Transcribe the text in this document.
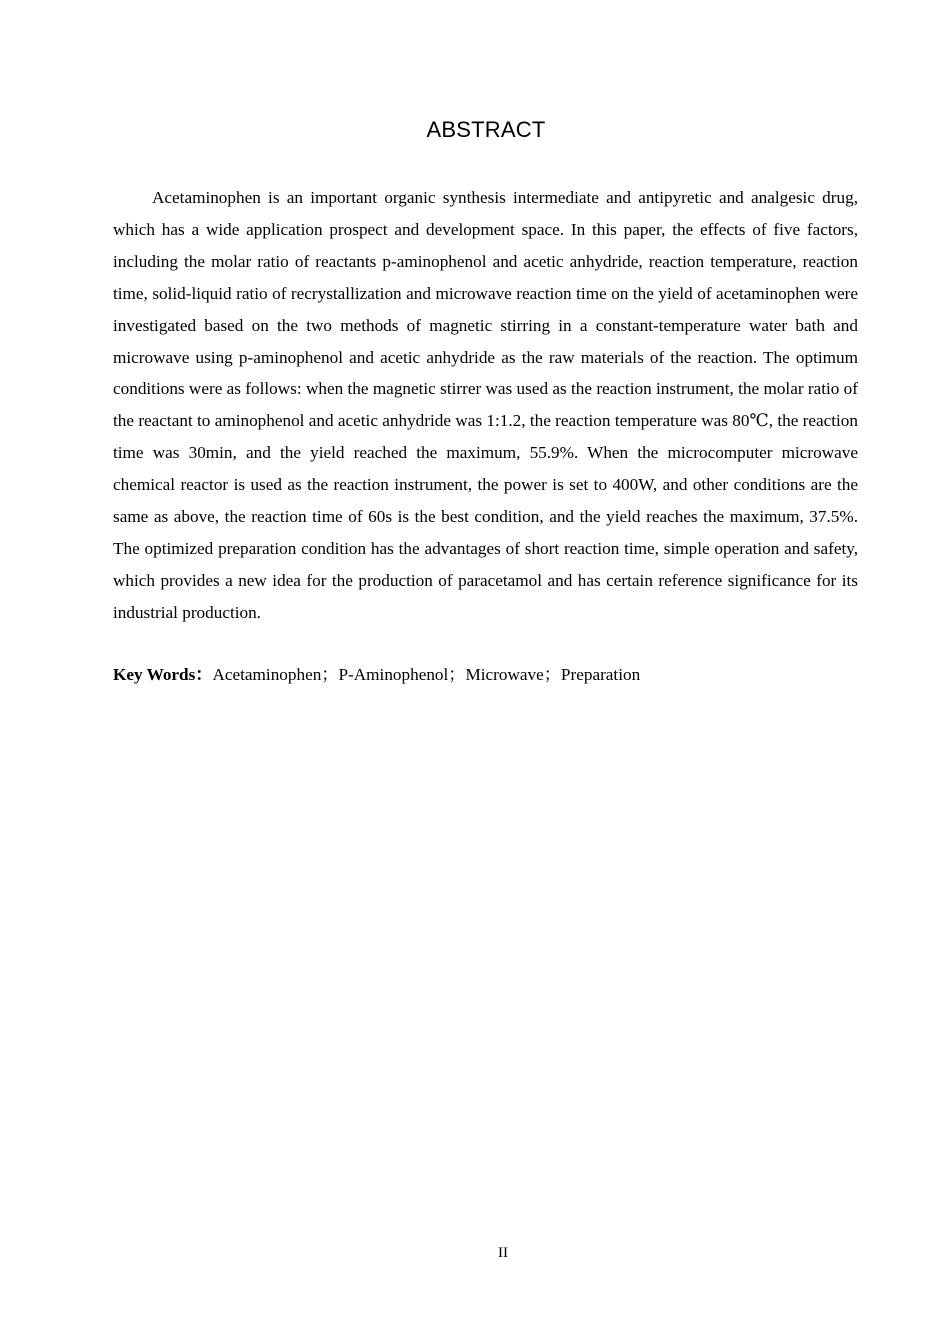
ABSTRACT

Acetaminophen is an important organic synthesis intermediate and antipyretic and analgesic drug, which has a wide application prospect and development space. In this paper, the effects of five factors, including the molar ratio of reactants p-aminophenol and acetic anhydride, reaction temperature, reaction time, solid-liquid ratio of recrystallization and microwave reaction time on the yield of acetaminophen were investigated based on the two methods of magnetic stirring in a constant-temperature water bath and microwave using p-aminophenol and acetic anhydride as the raw materials of the reaction. The optimum conditions were as follows: when the magnetic stirrer was used as the reaction instrument, the molar ratio of the reactant to aminophenol and acetic anhydride was 1:1.2, the reaction temperature was 80℃, the reaction time was 30min, and the yield reached the maximum, 55.9%. When the microcomputer microwave chemical reactor is used as the reaction instrument, the power is set to 400W, and other conditions are the same as above, the reaction time of 60s is the best condition, and the yield reaches the maximum, 37.5%. The optimized preparation condition has the advantages of short reaction time, simple operation and safety, which provides a new idea for the production of paracetamol and has certain reference significance for its industrial production.

Key Words：Acetaminophen；P-Aminophenol；Microwave；Preparation
II
